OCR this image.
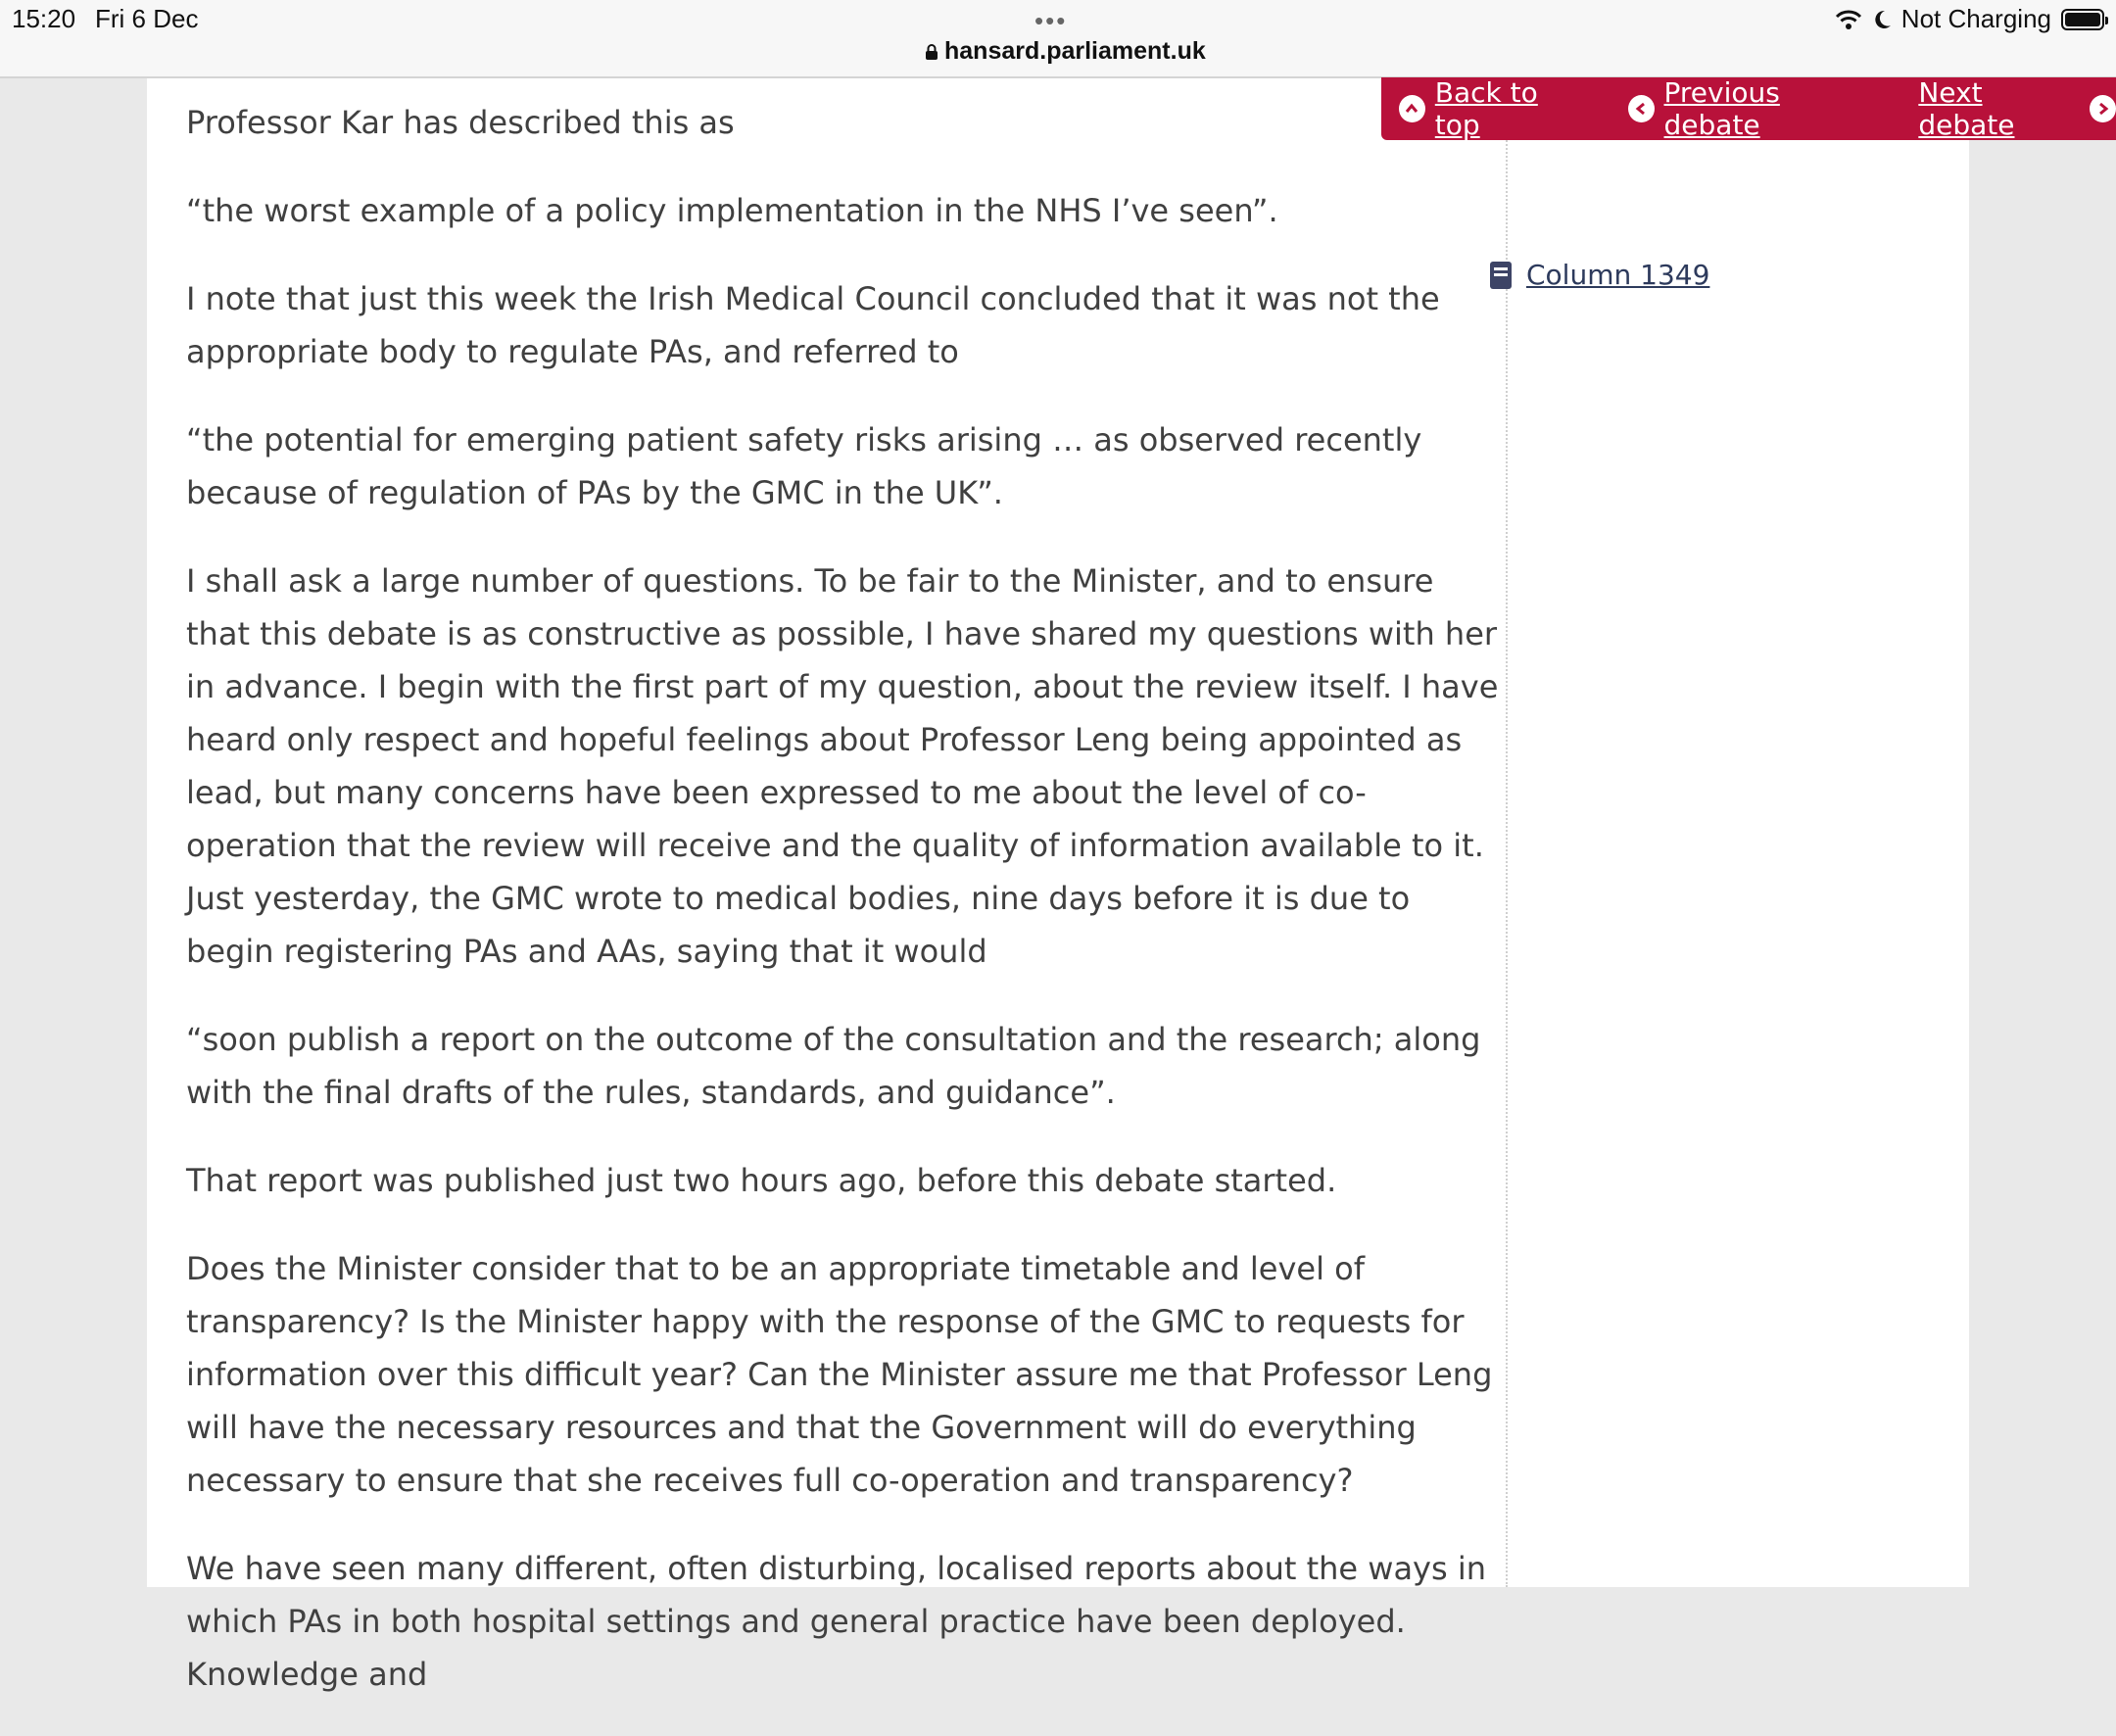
15:20 Fri 6 Dec	•••
hansard.parliament.uk
Not Charging

Professor Kar has described this as

“the worst example of a policy implementation in the NHS I’ve seen”.

I note that just this week the Irish Medical Council concluded that it was not the appropriate body to regulate PAs, and referred to

“the potential for emerging patient safety risks arising … as observed recently because of regulation of PAs by the GMC in the UK”.

I shall ask a large number of questions. To be fair to the Minister, and to ensure that this debate is as constructive as possible, I have shared my questions with her in advance. I begin with the first part of my question, about the review itself. I have heard only respect and hopeful feelings about Professor Leng being appointed as lead, but many concerns have been expressed to me about the level of co-operation that the review will receive and the quality of information available to it. Just yesterday, the GMC wrote to medical bodies, nine days before it is due to begin registering PAs and AAs, saying that it would

“soon publish a report on the outcome of the consultation and the research; along with the final drafts of the rules, standards, and guidance”.

That report was published just two hours ago, before this debate started.

Does the Minister consider that to be an appropriate timetable and level of transparency? Is the Minister happy with the response of the GMC to requests for information over this difficult year? Can the Minister assure me that Professor Leng will have the necessary resources and that the Government will do everything necessary to ensure that she receives full co-operation and transparency?

We have seen many different, often disturbing, localised reports about the ways in which PAs in both hospital settings and general practice have been deployed. Knowledge and

Column 1349
Back to top
Previous debate
Next debate
